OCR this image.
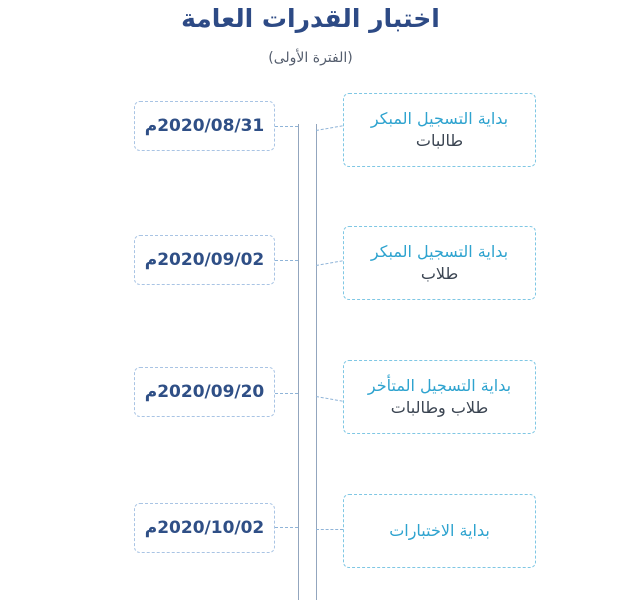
اختبار القدرات العامة
(الفترة الأولى)
2020/08/31م	بداية التسجيل المبكر
طالبات
2020/09/02م	بداية التسجيل المبكر
طلاب
2020/09/20م	بداية التسجيل المتأخر
طلاب وطالبات
2020/10/02م	بداية الاختبارات
